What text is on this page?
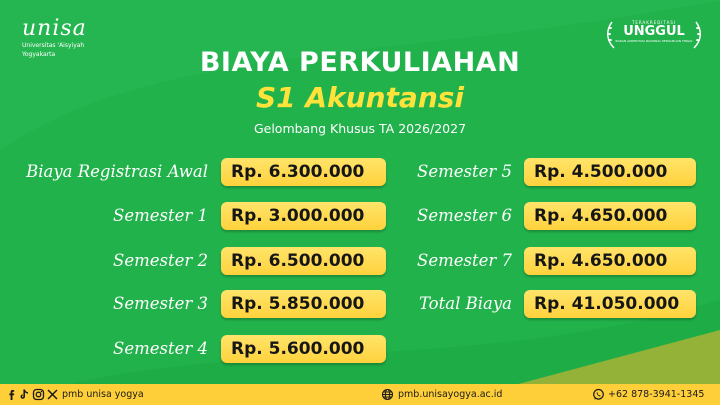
unisa
Universitas 'Aisyiyah
Yogyakarta
TERAKREDITASI
UNGGUL
BADAN AKREDITASI NASIONAL PERGURUAN TINGGI
BIAYA PERKULIAHAN
S1 Akuntansi
Gelombang Khusus TA 2026/2027
Biaya Registrasi Awal	Rp. 6.300.000
Semester 1	Rp. 3.000.000
Semester 2	Rp. 6.500.000
Semester 3	Rp. 5.850.000
Semester 4	Rp. 5.600.000
Semester 5	Rp. 4.500.000
Semester 6	Rp. 4.650.000
Semester 7	Rp. 4.650.000
Total Biaya	Rp. 41.050.000
pmb unisa yogya	pmb.unisayogya.ac.id	+62 878-3941-1345
